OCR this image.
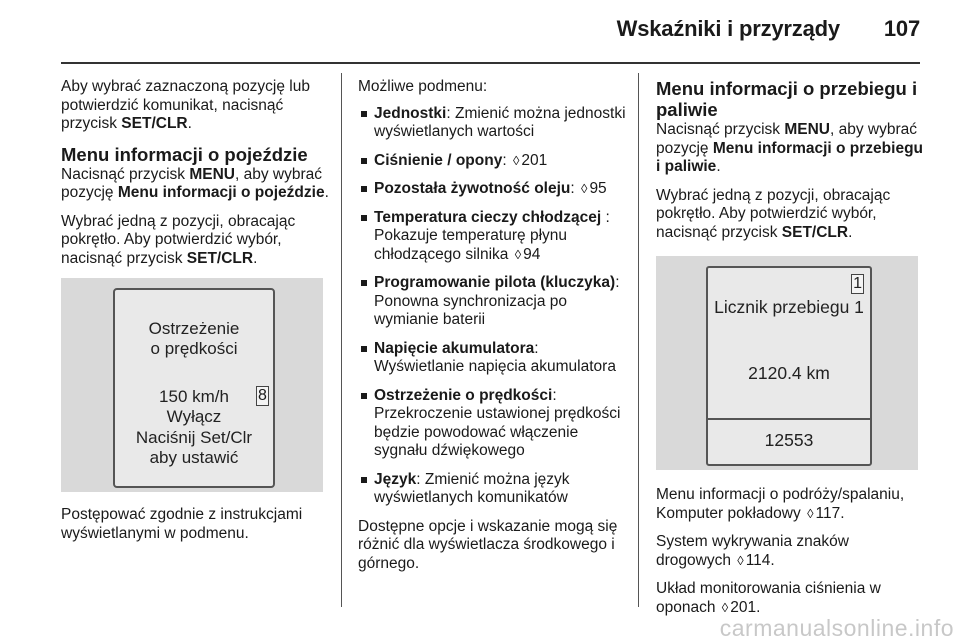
Wskaźniki i przyrządy 107

Aby wybrać zaznaczoną pozycję lub potwierdzić komunikat, nacisnąć przycisk SET/CLR.

Menu informacji o pojeździe

Nacisnąć przycisk MENU, aby wybrać pozycję Menu informacji o pojeździe.

Wybrać jedną z pozycji, obracając pokrętło. Aby potwierdzić wybór, nacisnąć przycisk SET/CLR.

Ostrzeżenie
o prędkości
150 km/h
Wyłącz
Naciśnij Set/Clr
aby ustawić
8

Postępować zgodnie z instrukcjami wyświetlanymi w podmenu.

Możliwe podmenu:

Jednostki: Zmienić można jednostki wyświetlanych wartości

Ciśnienie / opony: ◊ 201

Pozostała żywotność oleju: ◊ 95

Temperatura cieczy chłodzącej : Pokazuje temperaturę płynu chłodzącego silnika ◊ 94

Programowanie pilota (kluczyka): Ponowna synchronizacja po wymianie baterii

Napięcie akumulatora: Wyświetlanie napięcia akumulatora

Ostrzeżenie o prędkości: Przekroczenie ustawionej prędkości będzie powodować włączenie sygnału dźwiękowego

Język: Zmienić można język wyświetlanych komunikatów

Dostępne opcje i wskazanie mogą się różnić dla wyświetlacza środkowego i górnego.

Menu informacji o przebiegu i paliwie

Nacisnąć przycisk MENU, aby wybrać pozycję Menu informacji o przebiegu i paliwie.

Wybrać jedną z pozycji, obracając pokrętło. Aby potwierdzić wybór, nacisnąć przycisk SET/CLR.

1
Licznik przebiegu 1
2120.4 km
12553

Menu informacji o podróży/spalaniu, Komputer pokładowy ◊ 117.

System wykrywania znaków drogowych ◊ 114.

Układ monitorowania ciśnienia w oponach ◊ 201.

carmanualsonline.info
